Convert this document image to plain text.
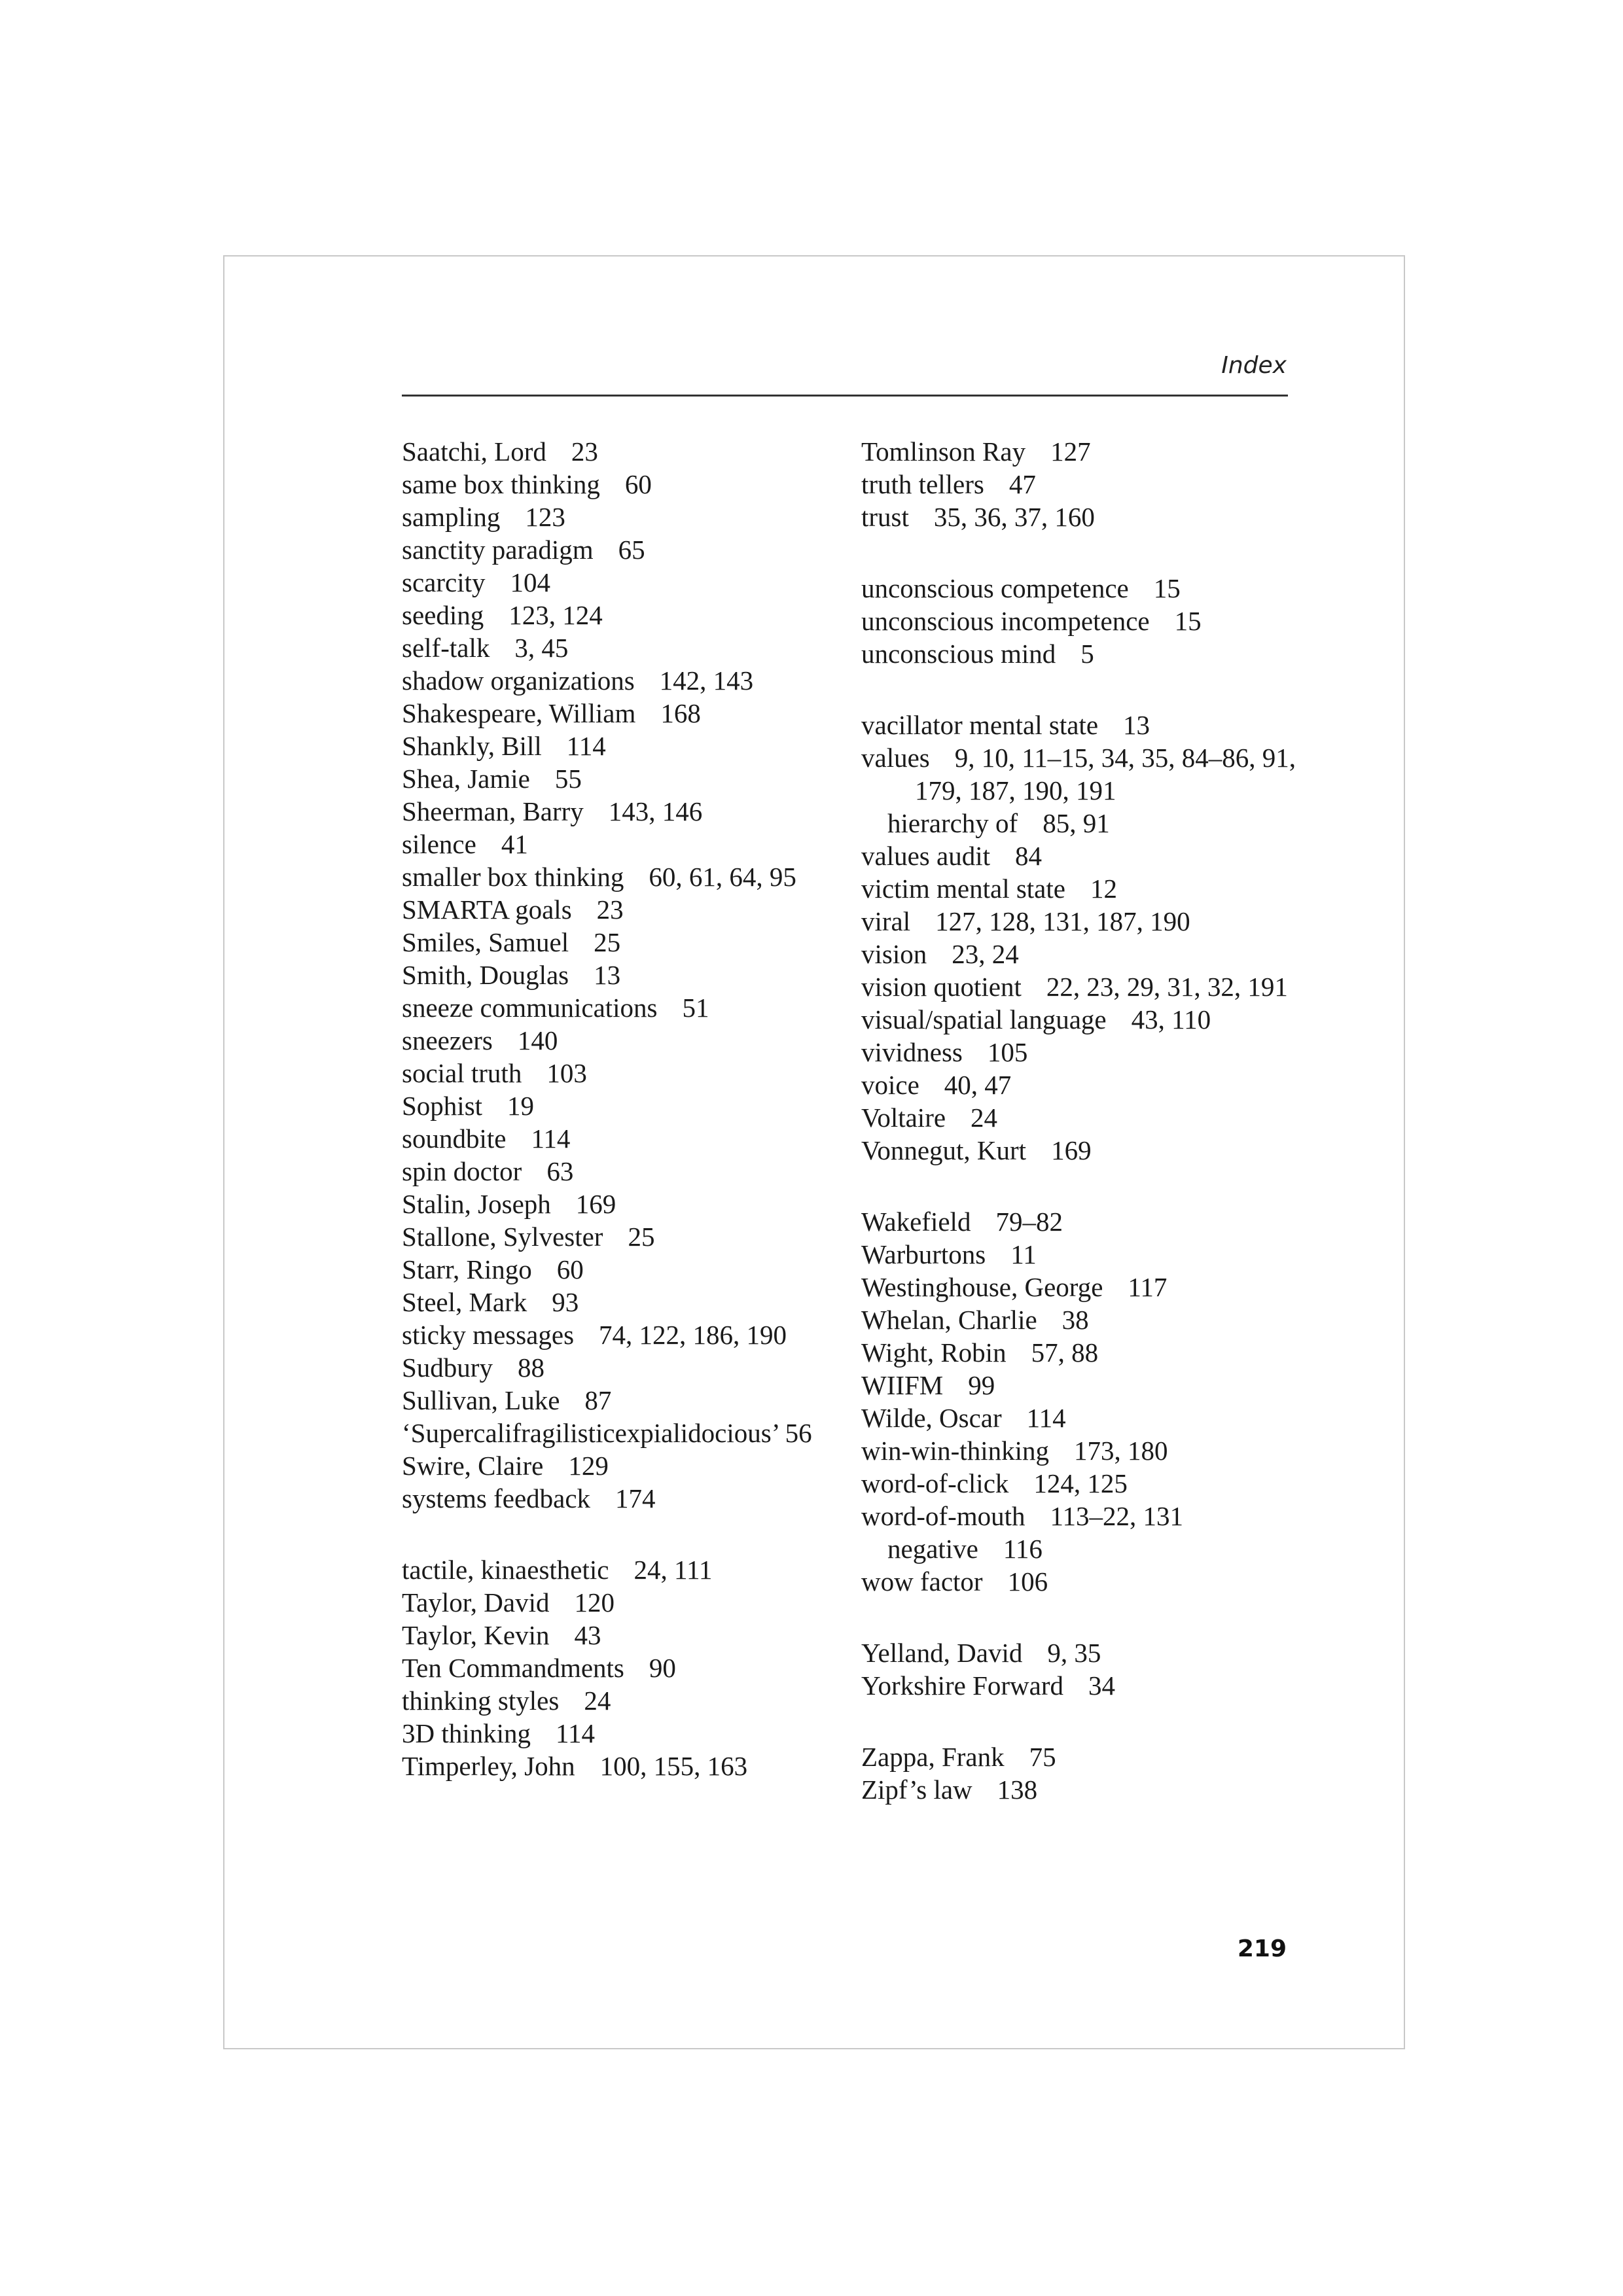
Index
Saatchi, Lord 23
same box thinking 60
sampling 123
sanctity paradigm 65
scarcity 104
seeding 123, 124
self-talk 3, 45
shadow organizations 142, 143
Shakespeare, William 168
Shankly, Bill 114
Shea, Jamie 55
Sheerman, Barry 143, 146
silence 41
smaller box thinking 60, 61, 64, 95
SMARTA goals 23
Smiles, Samuel 25
Smith, Douglas 13
sneeze communications 51
sneezers 140
social truth 103
Sophist 19
soundbite 114
spin doctor 63
Stalin, Joseph 169
Stallone, Sylvester 25
Starr, Ringo 60
Steel, Mark 93
sticky messages 74, 122, 186, 190
Sudbury 88
Sullivan, Luke 87
‘Supercalifragilisticexpialidocious’ 56
Swire, Claire 129
systems feedback 174
tactile, kinaesthetic 24, 111
Taylor, David 120
Taylor, Kevin 43
Ten Commandments 90
thinking styles 24
3D thinking 114
Timperley, John 100, 155, 163
Tomlinson Ray 127
truth tellers 47
trust 35, 36, 37, 160
unconscious competence 15
unconscious incompetence 15
unconscious mind 5
vacillator mental state 13
values 9, 10, 11–15, 34, 35, 84–86, 91, 179, 187, 190, 191
hierarchy of 85, 91
values audit 84
victim mental state 12
viral 127, 128, 131, 187, 190
vision 23, 24
vision quotient 22, 23, 29, 31, 32, 191
visual/spatial language 43, 110
vividness 105
voice 40, 47
Voltaire 24
Vonnegut, Kurt 169
Wakefield 79–82
Warburtons 11
Westinghouse, George 117
Whelan, Charlie 38
Wight, Robin 57, 88
WIIFM 99
Wilde, Oscar 114
win-win-thinking 173, 180
word-of-click 124, 125
word-of-mouth 113–22, 131
negative 116
wow factor 106
Yelland, David 9, 35
Yorkshire Forward 34
Zappa, Frank 75
Zipf’s law 138
219
